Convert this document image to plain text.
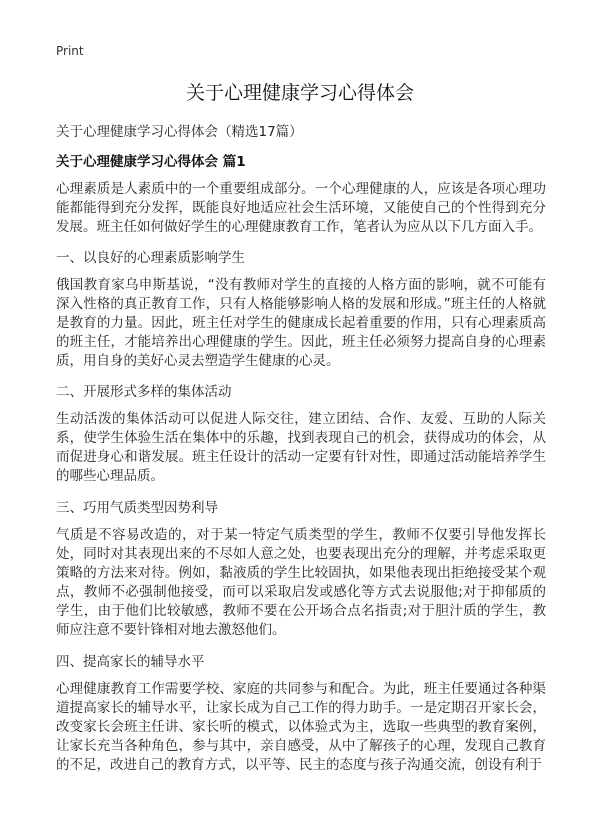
Print
关于心理健康学习心得体会
关于心理健康学习心得体会（精选17篇）
关于心理健康学习心得体会 篇1

心理素质是人素质中的一个重要组成部分。一个心理健康的人，应该是各项心理功能都能得到充分发挥，既能良好地适应社会生活环境，又能使自己的个性得到充分发展。班主任如何做好学生的心理健康教育工作，笔者认为应从以下几方面入手。

一、以良好的心理素质影响学生

俄国教育家乌申斯基说，“没有教师对学生的直接的人格方面的影响，就不可能有深入性格的真正教育工作，只有人格能够影响人格的发展和形成。”班主任的人格就是教育的力量。因此，班主任对学生的健康成长起着重要的作用，只有心理素质高的班主任，才能培养出心理健康的学生。因此，班主任必须努力提高自身的心理素质，用自身的美好心灵去塑造学生健康的心灵。

二、开展形式多样的集体活动

生动活泼的集体活动可以促进人际交往，建立团结、合作、友爱、互助的人际关系，使学生体验生活在集体中的乐趣，找到表现自己的机会，获得成功的体会，从而促进身心和谐发展。班主任设计的活动一定要有针对性，即通过活动能培养学生的哪些心理品质。

三、巧用气质类型因势利导

气质是不容易改造的，对于某一特定气质类型的学生，教师不仅要引导他发挥长处，同时对其表现出来的不尽如人意之处，也要表现出充分的理解，并考虑采取更策略的方法来对待。例如，黏液质的学生比较固执，如果他表现出拒绝接受某个观点，教师不必强制他接受，而可以采取启发或感化等方式去说服他;对于抑郁质的学生，由于他们比较敏感，教师不要在公开场合点名指责;对于胆汁质的学生，教师应注意不要针锋相对地去激怒他们。

四、提高家长的辅导水平

心理健康教育工作需要学校、家庭的共同参与和配合。为此，班主任要通过各种渠道提高家长的辅导水平，让家长成为自己工作的得力助手。一是定期召开家长会，改变家长会班主任讲、家长听的模式，以体验式为主，选取一些典型的教育案例，让家长充当各种角色，参与其中，亲自感受，从中了解孩子的心理，发现自己教育的不足，改进自己的教育方式，以平等、民主的态度与孩子沟通交流，创设有利于
